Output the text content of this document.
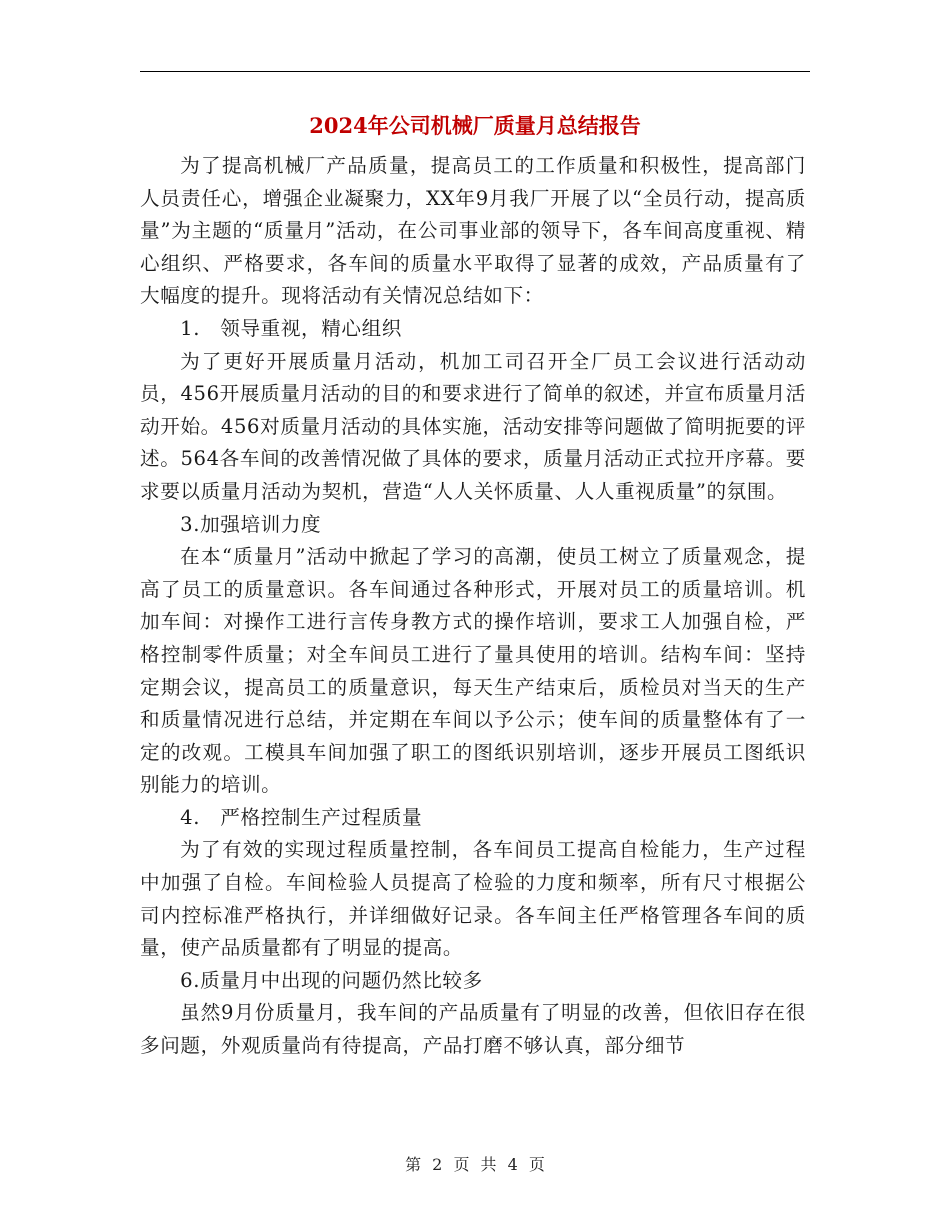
2024年公司机械厂质量月总结报告

为了提高机械厂产品质量，提高员工的工作质量和积极性，提高部门人员责任心，增强企业凝聚力，XX年9月我厂开展了以“全员行动，提高质量”为主题的“质量月”活动，在公司事业部的领导下，各车间高度重视、精心组织、严格要求，各车间的质量水平取得了显著的成效，产品质量有了大幅度的提升。现将活动有关情况总结如下：

1.　领导重视，精心组织

为了更好开展质量月活动，机加工司召开全厂员工会议进行活动动员，456开展质量月活动的目的和要求进行了简单的叙述，并宣布质量月活动开始。456对质量月活动的具体实施，活动安排等问题做了简明扼要的评述。564各车间的改善情况做了具体的要求，质量月活动正式拉开序幕。要求要以质量月活动为契机，营造“人人关怀质量、人人重视质量”的氛围。

3.加强培训力度

在本“质量月”活动中掀起了学习的高潮，使员工树立了质量观念，提高了员工的质量意识。各车间通过各种形式，开展对员工的质量培训。机加车间：对操作工进行言传身教方式的操作培训，要求工人加强自检，严格控制零件质量；对全车间员工进行了量具使用的培训。结构车间：坚持定期会议，提高员工的质量意识，每天生产结束后，质检员对当天的生产和质量情况进行总结，并定期在车间以予公示；使车间的质量整体有了一定的改观。工模具车间加强了职工的图纸识别培训，逐步开展员工图纸识别能力的培训。

4.　严格控制生产过程质量

为了有效的实现过程质量控制，各车间员工提高自检能力，生产过程中加强了自检。车间检验人员提高了检验的力度和频率，所有尺寸根据公司内控标准严格执行，并详细做好记录。各车间主任严格管理各车间的质量，使产品质量都有了明显的提高。

6.质量月中出现的问题仍然比较多

虽然9月份质量月，我车间的产品质量有了明显的改善，但依旧存在很多问题，外观质量尚有待提高，产品打磨不够认真，部分细节

第 2 页 共 4 页
